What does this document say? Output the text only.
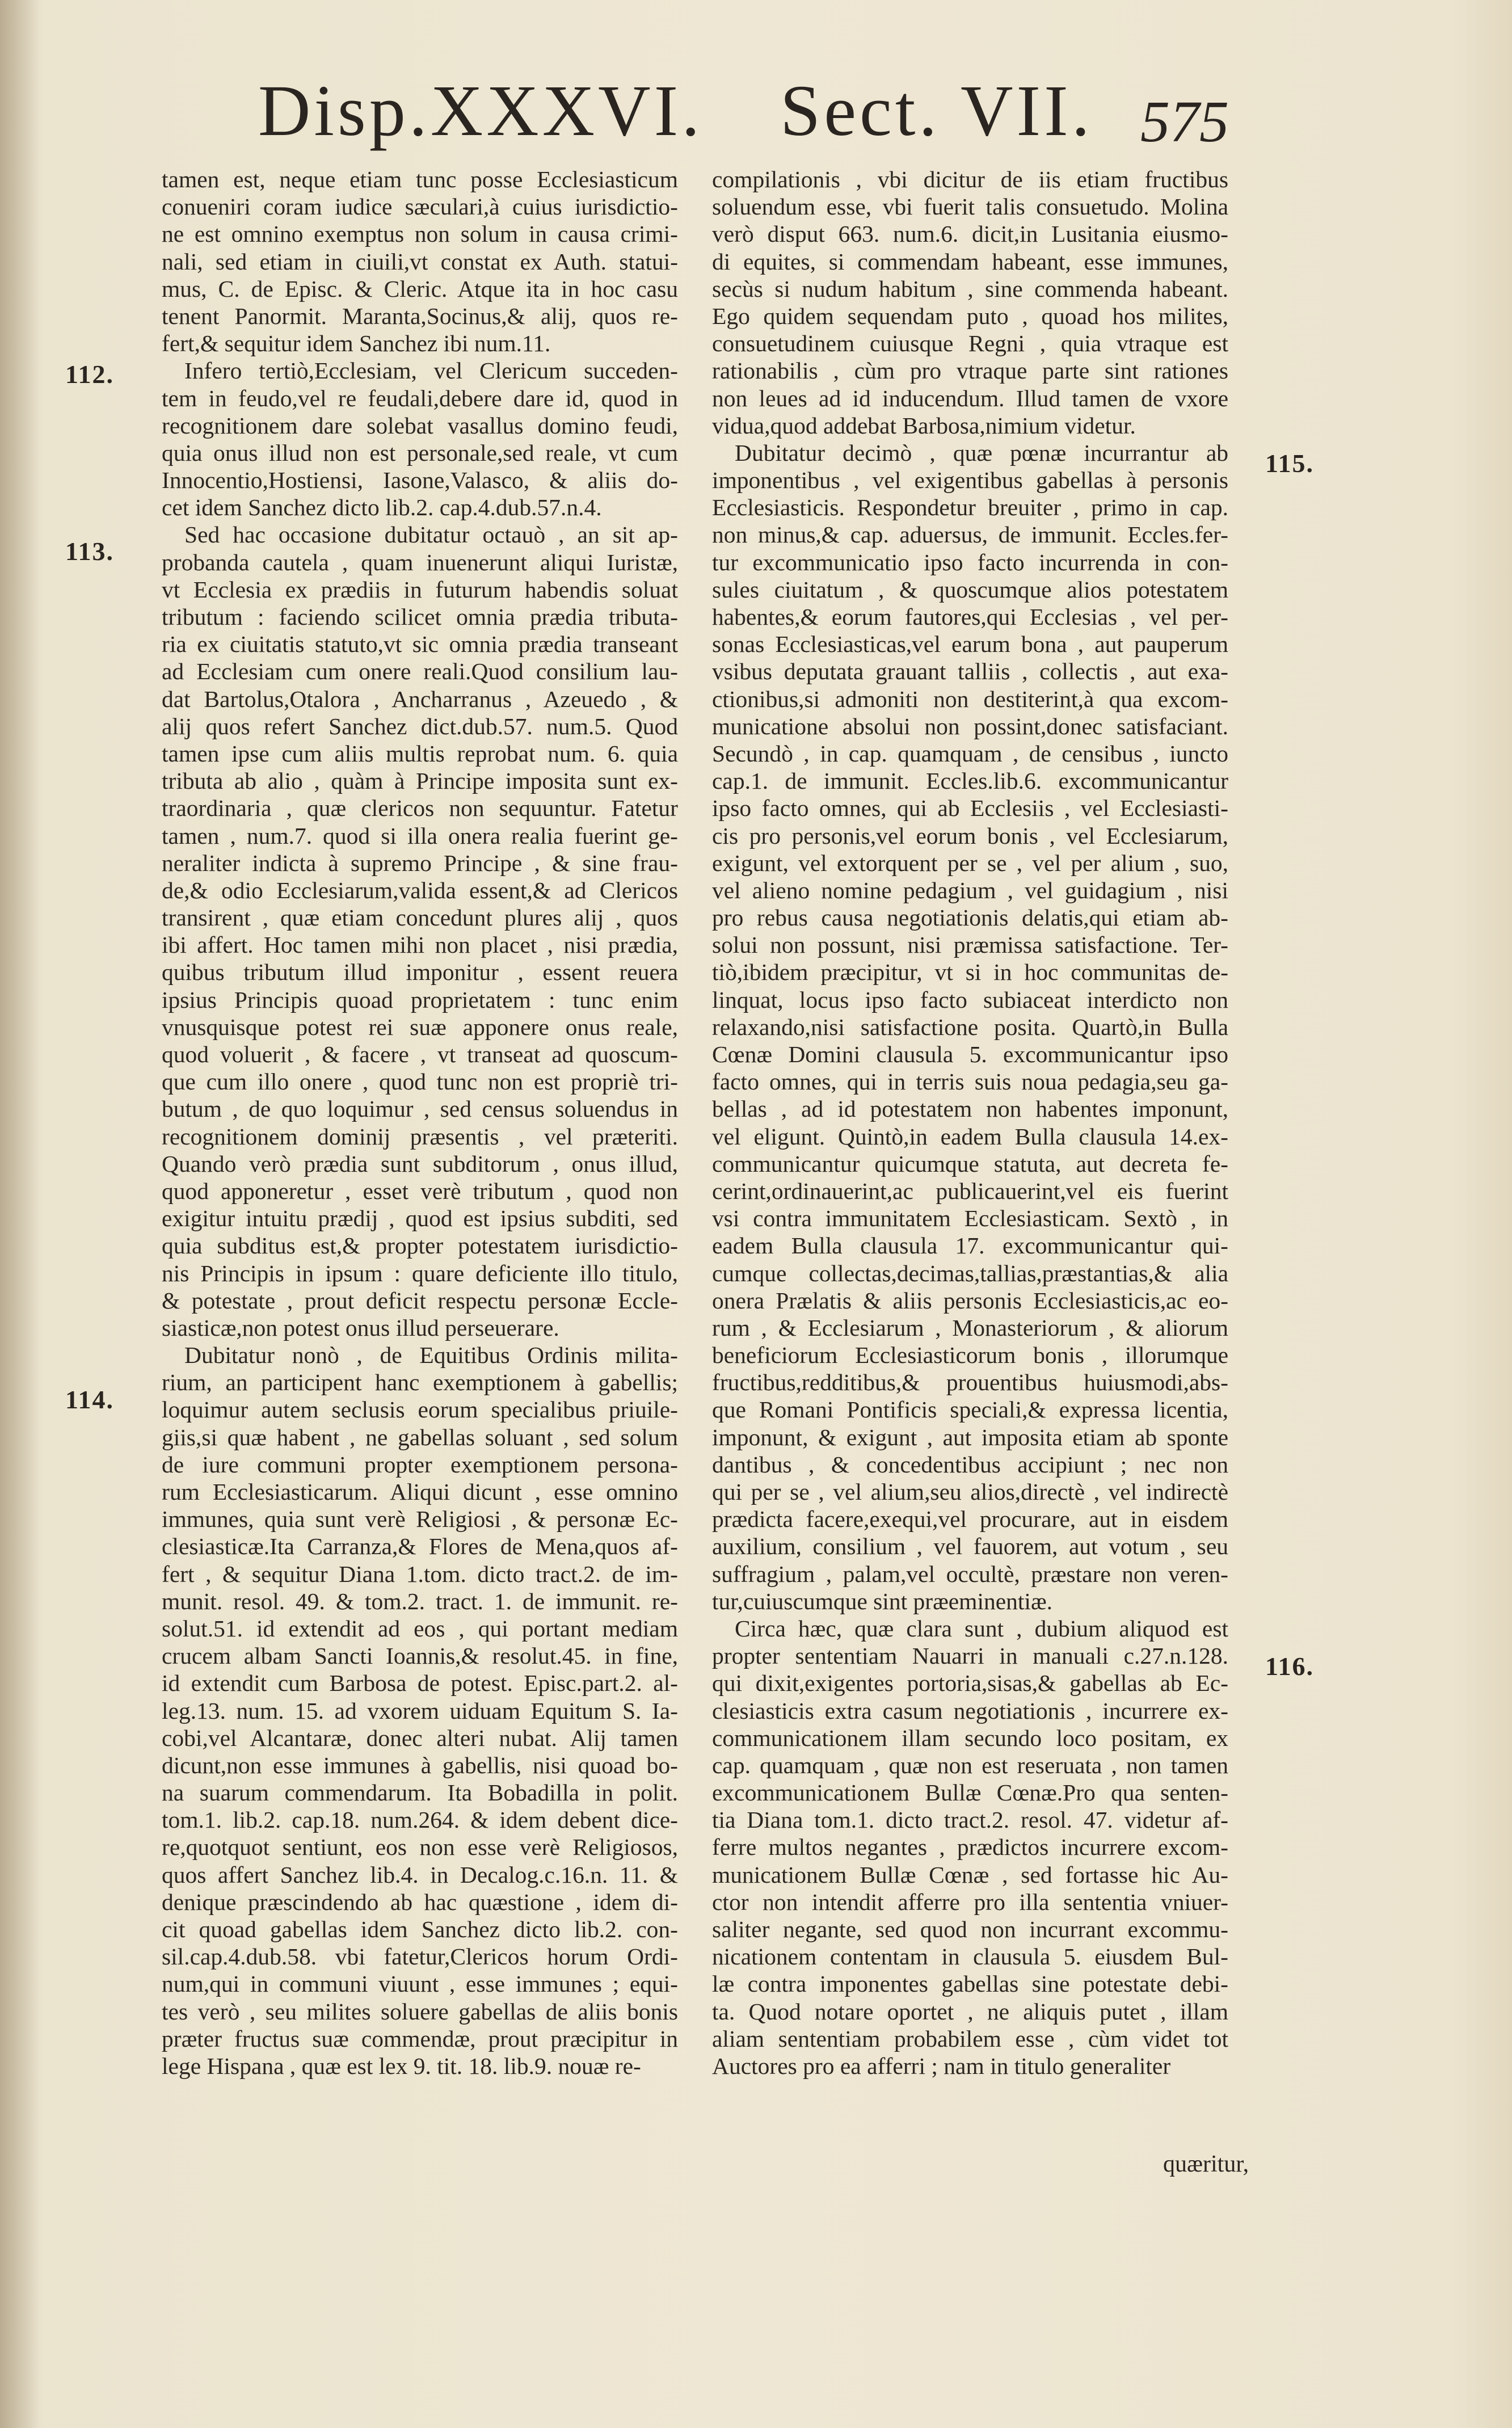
Disp.XXXVI. Sect. VII. 575
tamen est, neque etiam tunc posse Ecclesiasticum
conueniri coram iudice sæculari,à cuius iurisdictio-
ne est omnino exemptus non solum in causa crimi-
nali, sed etiam in ciuili,vt constat ex Auth. statui-
mus, C. de Episc. & Cleric. Atque ita in hoc casu
tenent Panormit. Maranta,Socinus,& alij, quos re-
fert,& sequitur idem Sanchez ibi num.11.
Infero tertiò,Ecclesiam, vel Clericum succeden-
tem in feudo,vel re feudali,debere dare id, quod in
recognitionem dare solebat vasallus domino feudi,
quia onus illud non est personale,sed reale, vt cum
Innocentio,Hostiensi, Iasone,Valasco, & aliis do-
cet idem Sanchez dicto lib.2. cap.4.dub.57.n.4.
Sed hac occasione dubitatur octauò , an sit ap-
probanda cautela , quam inuenerunt aliqui Iuristæ,
vt Ecclesia ex prædiis in futurum habendis soluat
tributum : faciendo scilicet omnia prædia tributa-
ria ex ciuitatis statuto,vt sic omnia prædia transeant
ad Ecclesiam cum onere reali.Quod consilium lau-
dat Bartolus,Otalora , Ancharranus , Azeuedo , &
alij quos refert Sanchez dict.dub.57. num.5. Quod
tamen ipse cum aliis multis reprobat num. 6. quia
tributa ab alio , quàm à Principe imposita sunt ex-
traordinaria , quæ clericos non sequuntur. Fatetur
tamen , num.7. quod si illa onera realia fuerint ge-
neraliter indicta à supremo Principe , & sine frau-
de,& odio Ecclesiarum,valida essent,& ad Clericos
transirent , quæ etiam concedunt plures alij , quos
ibi affert. Hoc tamen mihi non placet , nisi prædia,
quibus tributum illud imponitur , essent reuera
ipsius Principis quoad proprietatem : tunc enim
vnusquisque potest rei suæ apponere onus reale,
quod voluerit , & facere , vt transeat ad quoscum-
que cum illo onere , quod tunc non est propriè tri-
butum , de quo loquimur , sed census soluendus in
recognitionem dominij præsentis , vel præteriti.
Quando verò prædia sunt subditorum , onus illud,
quod apponeretur , esset verè tributum , quod non
exigitur intuitu prædij , quod est ipsius subditi, sed
quia subditus est,& propter potestatem iurisdictio-
nis Principis in ipsum : quare deficiente illo titulo,
& potestate , prout deficit respectu personæ Eccle-
siasticæ,non potest onus illud perseuerare.
Dubitatur nonò , de Equitibus Ordinis milita-
rium, an participent hanc exemptionem à gabellis;
loquimur autem seclusis eorum specialibus priuile-
giis,si quæ habent , ne gabellas soluant , sed solum
de iure communi propter exemptionem persona-
rum Ecclesiasticarum. Aliqui dicunt , esse omnino
immunes, quia sunt verè Religiosi , & personæ Ec-
clesiasticæ.Ita Carranza,& Flores de Mena,quos af-
fert , & sequitur Diana 1.tom. dicto tract.2. de im-
munit. resol. 49. & tom.2. tract. 1. de immunit. re-
solut.51. id extendit ad eos , qui portant mediam
crucem albam Sancti Ioannis,& resolut.45. in fine,
id extendit cum Barbosa de potest. Episc.part.2. al-
leg.13. num. 15. ad vxorem uiduam Equitum S. Ia-
cobi,vel Alcantaræ, donec alteri nubat. Alij tamen
dicunt,non esse immunes à gabellis, nisi quoad bo-
na suarum commendarum. Ita Bobadilla in polit.
tom.1. lib.2. cap.18. num.264. & idem debent dice-
re,quotquot sentiunt, eos non esse verè Religiosos,
quos affert Sanchez lib.4. in Decalog.c.16.n. 11. &
denique præscindendo ab hac quæstione , idem di-
cit quoad gabellas idem Sanchez dicto lib.2. con-
sil.cap.4.dub.58. vbi fatetur,Clericos horum Ordi-
num,qui in communi viuunt , esse immunes ; equi-
tes verò , seu milites soluere gabellas de aliis bonis
præter fructus suæ commendæ, prout præcipitur in
lege Hispana , quæ est lex 9. tit. 18. lib.9. nouæ re-
compilationis , vbi dicitur de iis etiam fructibus
soluendum esse, vbi fuerit talis consuetudo. Molina
verò disput 663. num.6. dicit,in Lusitania eiusmo-
di equites, si commendam habeant, esse immunes,
secùs si nudum habitum , sine commenda habeant.
Ego quidem sequendam puto , quoad hos milites,
consuetudinem cuiusque Regni , quia vtraque est
rationabilis , cùm pro vtraque parte sint rationes
non leues ad id inducendum. Illud tamen de vxore
vidua,quod addebat Barbosa,nimium videtur.
Dubitatur decimò , quæ pœnæ incurrantur ab
imponentibus , vel exigentibus gabellas à personis
Ecclesiasticis. Respondetur breuiter , primo in cap.
non minus,& cap. aduersus, de immunit. Eccles.fer-
tur excommunicatio ipso facto incurrenda in con-
sules ciuitatum , & quoscumque alios potestatem
habentes,& eorum fautores,qui Ecclesias , vel per-
sonas Ecclesiasticas,vel earum bona , aut pauperum
vsibus deputata grauant talliis , collectis , aut exa-
ctionibus,si admoniti non destiterint,à qua excom-
municatione absolui non possint,donec satisfaciant.
Secundò , in cap. quamquam , de censibus , iuncto
cap.1. de immunit. Eccles.lib.6. excommunicantur
ipso facto omnes, qui ab Ecclesiis , vel Ecclesiasti-
cis pro personis,vel eorum bonis , vel Ecclesiarum,
exigunt, vel extorquent per se , vel per alium , suo,
vel alieno nomine pedagium , vel guidagium , nisi
pro rebus causa negotiationis delatis,qui etiam ab-
solui non possunt, nisi præmissa satisfactione. Ter-
tiò,ibidem præcipitur, vt si in hoc communitas de-
linquat, locus ipso facto subiaceat interdicto non
relaxando,nisi satisfactione posita. Quartò,in Bulla
Cœnæ Domini clausula 5. excommunicantur ipso
facto omnes, qui in terris suis noua pedagia,seu ga-
bellas , ad id potestatem non habentes imponunt,
vel eligunt. Quintò,in eadem Bulla clausula 14.ex-
communicantur quicumque statuta, aut decreta fe-
cerint,ordinauerint,ac publicauerint,vel eis fuerint
vsi contra immunitatem Ecclesiasticam. Sextò , in
eadem Bulla clausula 17. excommunicantur qui-
cumque collectas,decimas,tallias,præstantias,& alia
onera Prælatis & aliis personis Ecclesiasticis,ac eo-
rum , & Ecclesiarum , Monasteriorum , & aliorum
beneficiorum Ecclesiasticorum bonis , illorumque
fructibus,redditibus,& prouentibus huiusmodi,abs-
que Romani Pontificis speciali,& expressa licentia,
imponunt, & exigunt , aut imposita etiam ab sponte
dantibus , & concedentibus accipiunt ; nec non
qui per se , vel alium,seu alios,directè , vel indirectè
prædicta facere,exequi,vel procurare, aut in eisdem
auxilium, consilium , vel fauorem, aut votum , seu
suffragium , palam,vel occultè, præstare non veren-
tur,cuiuscumque sint præeminentiæ.
Circa hæc, quæ clara sunt , dubium aliquod est
propter sententiam Nauarri in manuali c.27.n.128.
qui dixit,exigentes portoria,sisas,& gabellas ab Ec-
clesiasticis extra casum negotiationis , incurrere ex-
communicationem illam secundo loco positam, ex
cap. quamquam , quæ non est reseruata , non tamen
excommunicationem Bullæ Cœnæ.Pro qua senten-
tia Diana tom.1. dicto tract.2. resol. 47. videtur af-
ferre multos negantes , prædictos incurrere excom-
municationem Bullæ Cœnæ , sed fortasse hic Au-
ctor non intendit afferre pro illa sententia vniuer-
saliter negante, sed quod non incurrant excommu-
nicationem contentam in clausula 5. eiusdem Bul-
læ contra imponentes gabellas sine potestate debi-
ta. Quod notare oportet , ne aliquis putet , illam
aliam sententiam probabilem esse , cùm videt tot
Auctores pro ea afferri ; nam in titulo generaliter
112.
113.
114.
115.
116.
quæritur,
